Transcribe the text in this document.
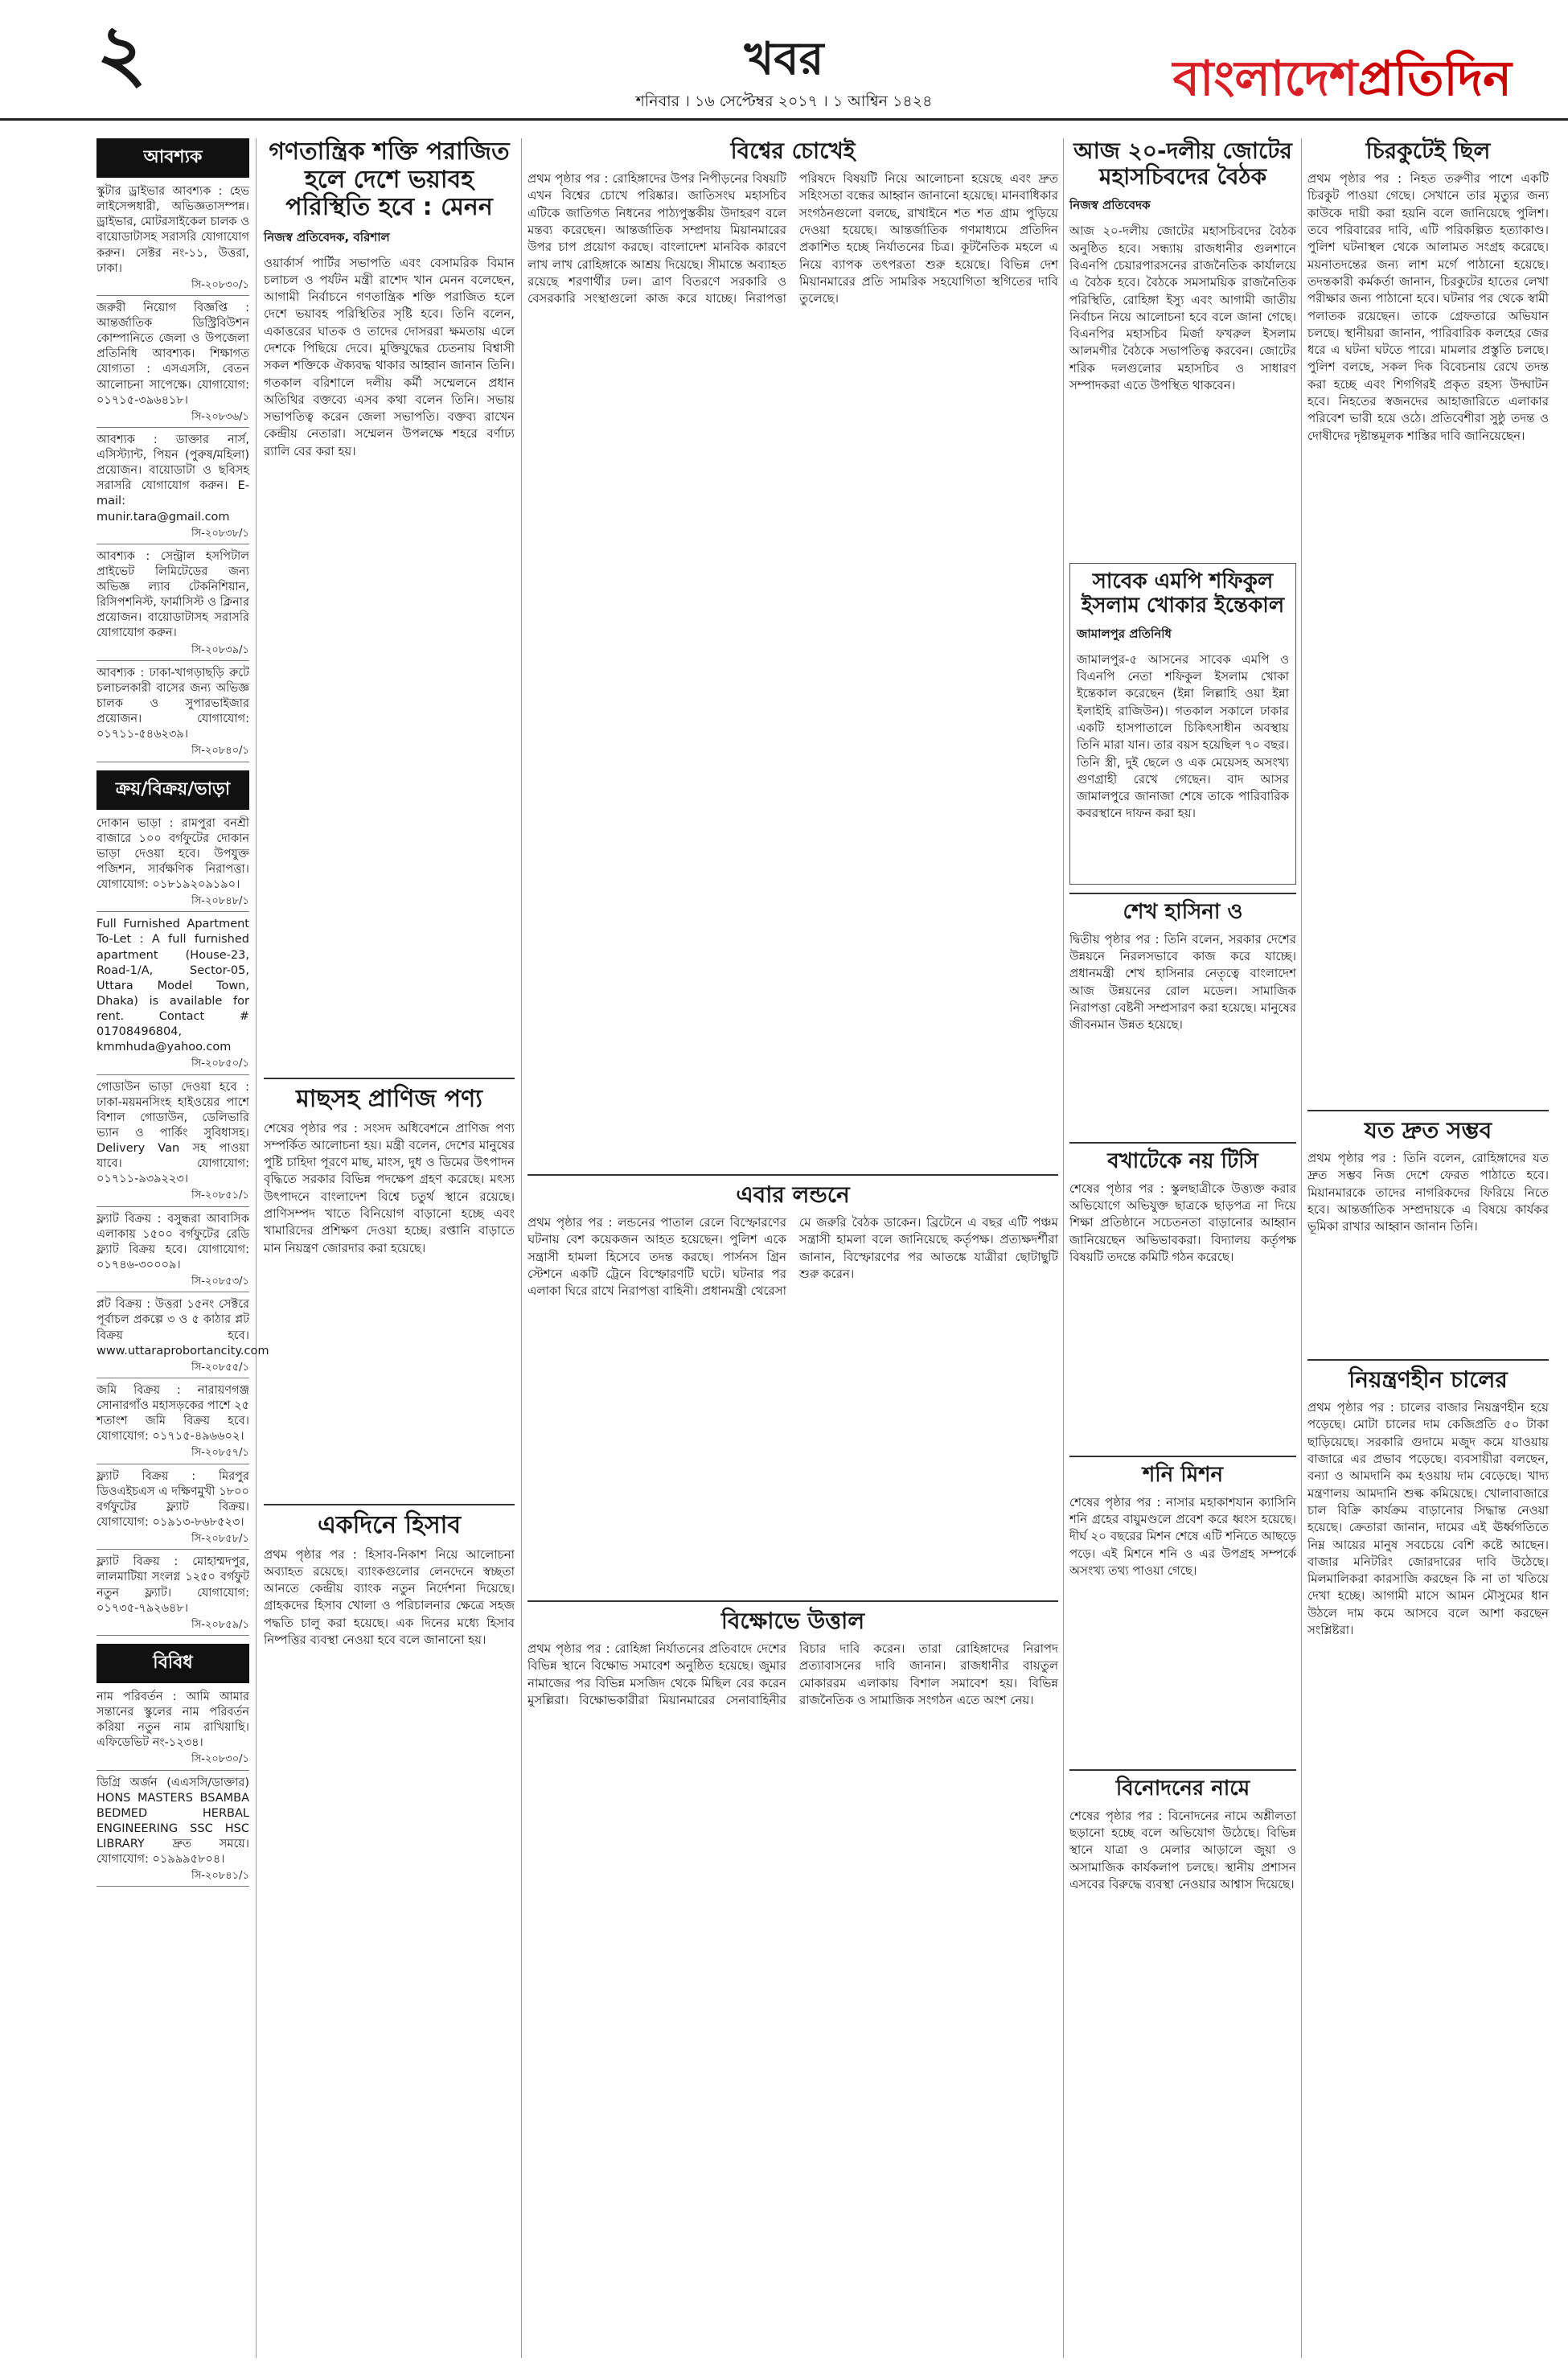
২	খবর
শনিবার । ১৬ সেপ্টেম্বর ২০১৭ । ১ আশ্বিন ১৪২৪	বাংলাদেশপ্রতিদিন
আবশ্যক
স্কুটার ড্রাইভার আবশ্যক : হেভ লাইসেন্সধারী, অভিজ্ঞতাসম্পন্ন। ড্রাইভার, মোটরসাইকেল চালক ও বায়োডাটাসহ সরাসরি যোগাযোগ করুন। সেক্টর নং-১১, উত্তরা, ঢাকা।
সি-২০৮৩০/১
জরুরী নিয়োগ বিজ্ঞপ্তি : আন্তর্জাতিক ডিস্ট্রিবিউশন কোম্পানিতে জেলা ও উপজেলা প্রতিনিধি আবশ্যক। শিক্ষাগত যোগ্যতা : এসএসসি, বেতন আলোচনা সাপেক্ষে। যোগাযোগ: ০১৭১৫-৩৯৬৪১৮।
সি-২০৮৩৬/১
আবশ্যক : ডাক্তার নার্স, এসিস্ট্যান্ট, পিয়ন (পুরুষ/মহিলা) প্রয়োজন। বায়োডাটা ও ছবিসহ সরাসরি যোগাযোগ করুন। E-mail: munir.tara@gmail.com
সি-২০৮৩৮/১
আবশ্যক : সেন্ট্রাল হসপিটাল প্রাইভেট লিমিটেডের জন্য অভিজ্ঞ ল্যাব টেকনিশিয়ান, রিসিপশনিস্ট, ফার্মাসিস্ট ও ক্লিনার প্রয়োজন। বায়োডাটাসহ সরাসরি যোগাযোগ করুন।
সি-২০৮৩৯/১
আবশ্যক : ঢাকা-খাগড়াছড়ি রুটে চলাচলকারী বাসের জন্য অভিজ্ঞ চালক ও সুপারভাইজার প্রয়োজন। যোগাযোগ: ০১৭১১-৫৪৬২৩৯।
সি-২০৮৪০/১
ক্রয়/বিক্রয়/ভাড়া
দোকান ভাড়া : রামপুরা বনশ্রী বাজারে ১০০ বর্গফুটের দোকান ভাড়া দেওয়া হবে। উপযুক্ত পজিশন, সার্বক্ষণিক নিরাপত্তা। যোগাযোগ: ০১৮১৯২০৯১৯০।
সি-২০৮৪৮/১
Full Furnished Apartment To-Let : A full furnished apartment (House-23, Road-1/A, Sector-05, Uttara Model Town, Dhaka) is available for rent. Contact # 01708496804, kmmhuda@yahoo.com
সি-২০৮৫০/১
গোডাউন ভাড়া দেওয়া হবে : ঢাকা-ময়মনসিংহ হাইওয়ের পাশে বিশাল গোডাউন, ডেলিভারি ভ্যান ও পার্কিং সুবিধাসহ। Delivery Van সহ পাওয়া যাবে। যোগাযোগ: ০১৭১১-৯৩৯২২৩।
সি-২০৮৫১/১
ফ্ল্যাট বিক্রয় : বসুন্ধরা আবাসিক এলাকায় ১৫০০ বর্গফুটের রেডি ফ্ল্যাট বিক্রয় হবে। যোগাযোগ: ০১৭৪৬-৩০০০৯।
সি-২০৮৫৩/১
প্লট বিক্রয় : উত্তরা ১৫নং সেক্টরে পূর্বাচল প্রকল্পে ৩ ও ৫ কাঠার প্লট বিক্রয় হবে। www.uttaraprobortancity.com
সি-২০৮৫৫/১
জমি বিক্রয় : নারায়ণগঞ্জ সোনারগাঁও মহাসড়কের পাশে ২৫ শতাংশ জমি বিক্রয় হবে। যোগাযোগ: ০১৭১৫-৪৯৬৬০২।
সি-২০৮৫৭/১
ফ্ল্যাট বিক্রয় : মিরপুর ডিওএইচএস এ দক্ষিণমুখী ১৮০০ বর্গফুটের ফ্ল্যাট বিক্রয়। যোগাযোগ: ০১৯১৩-৮৬৮৫২৩।
সি-২০৮৫৮/১
ফ্ল্যাট বিক্রয় : মোহাম্মদপুর, লালমাটিয়া সংলগ্ন ১২৫০ বর্গফুট নতুন ফ্ল্যাট। যোগাযোগ: ০১৭৩৫-৭৯২৬৪৮।
সি-২০৮৫৯/১
বিবিধ
নাম পরিবর্তন : আমি আমার সন্তানের স্কুলের নাম পরিবর্তন করিয়া নতুন নাম রাখিয়াছি। এফিডেভিট নং-১২৩৪।
সি-২০৮৩০/১
ডিগ্রি অর্জন (এএসসি/ডাক্তার) HONS MASTERS BSAMBA BEDMED HERBAL ENGINEERING SSC HSC LIBRARY দ্রুত সময়ে। যোগাযোগ: ০১৯৯৯৫৮০৪।
সি-২০৮৪১/১
গণতান্ত্রিক শক্তি পরাজিত হলে দেশে ভয়াবহ পরিস্থিতি হবে : মেনন
নিজস্ব প্রতিবেদক, বরিশাল
ওয়ার্কার্স পার্টির সভাপতি এবং বেসামরিক বিমান চলাচল ও পর্যটন মন্ত্রী রাশেদ খান মেনন বলেছেন, আগামী নির্বাচনে গণতান্ত্রিক শক্তি পরাজিত হলে দেশে ভয়াবহ পরিস্থিতির সৃষ্টি হবে। তিনি বলেন, একাত্তরের ঘাতক ও তাদের দোসররা ক্ষমতায় এলে দেশকে পিছিয়ে দেবে। মুক্তিযুদ্ধের চেতনায় বিশ্বাসী সকল শক্তিকে ঐক্যবদ্ধ থাকার আহ্বান জানান তিনি। গতকাল বরিশালে দলীয় কর্মী সম্মেলনে প্রধান অতিথির বক্তব্যে এসব কথা বলেন তিনি। সভায় সভাপতিত্ব করেন জেলা সভাপতি। বক্তব্য রাখেন কেন্দ্রীয় নেতারা। সম্মেলন উপলক্ষে শহরে বর্ণাঢ্য র‍্যালি বের করা হয়।
মাছসহ প্রাণিজ পণ্য
শেষের পৃষ্ঠার পর : সংসদ অধিবেশনে প্রাণিজ পণ্য সম্পর্কিত আলোচনা হয়। মন্ত্রী বলেন, দেশের মানুষের পুষ্টি চাহিদা পূরণে মাছ, মাংস, দুধ ও ডিমের উৎপাদন বৃদ্ধিতে সরকার বিভিন্ন পদক্ষেপ গ্রহণ করেছে। মৎস্য উৎপাদনে বাংলাদেশ বিশ্বে চতুর্থ স্থানে রয়েছে। প্রাণিসম্পদ খাতে বিনিয়োগ বাড়ানো হচ্ছে এবং খামারিদের প্রশিক্ষণ দেওয়া হচ্ছে। রপ্তানি বাড়াতে মান নিয়ন্ত্রণ জোরদার করা হয়েছে।
একদিনে হিসাব
প্রথম পৃষ্ঠার পর : হিসাব-নিকাশ নিয়ে আলোচনা অব্যাহত রয়েছে। ব্যাংকগুলোর লেনদেনে স্বচ্ছতা আনতে কেন্দ্রীয় ব্যাংক নতুন নির্দেশনা দিয়েছে। গ্রাহকদের হিসাব খোলা ও পরিচালনার ক্ষেত্রে সহজ পদ্ধতি চালু করা হয়েছে। এক দিনের মধ্যে হিসাব নিষ্পত্তির ব্যবস্থা নেওয়া হবে বলে জানানো হয়।
বিশ্বের চোখেই
প্রথম পৃষ্ঠার পর : রোহিঙ্গাদের উপর নিপীড়নের বিষয়টি এখন বিশ্বের চোখে পরিষ্কার। জাতিসংঘ মহাসচিব এটিকে জাতিগত নিধনের পাঠ্যপুস্তকীয় উদাহরণ বলে মন্তব্য করেছেন। আন্তর্জাতিক সম্প্রদায় মিয়ানমারের উপর চাপ প্রয়োগ করছে। বাংলাদেশ মানবিক কারণে লাখ লাখ রোহিঙ্গাকে আশ্রয় দিয়েছে। সীমান্তে অব্যাহত রয়েছে শরণার্থীর ঢল। ত্রাণ বিতরণে সরকারি ও বেসরকারি সংস্থাগুলো কাজ করে যাচ্ছে। নিরাপত্তা পরিষদে বিষয়টি নিয়ে আলোচনা হয়েছে এবং দ্রুত সহিংসতা বন্ধের আহ্বান জানানো হয়েছে। মানবাধিকার সংগঠনগুলো বলছে, রাখাইনে শত শত গ্রাম পুড়িয়ে দেওয়া হয়েছে। আন্তর্জাতিক গণমাধ্যমে প্রতিদিন প্রকাশিত হচ্ছে নির্যাতনের চিত্র। কূটনৈতিক মহলে এ নিয়ে ব্যাপক তৎপরতা শুরু হয়েছে। বিভিন্ন দেশ মিয়ানমারের প্রতি সামরিক সহযোগিতা স্থগিতের দাবি তুলেছে।
এবার লন্ডনে
প্রথম পৃষ্ঠার পর : লন্ডনের পাতাল রেলে বিস্ফোরণের ঘটনায় বেশ কয়েকজন আহত হয়েছেন। পুলিশ একে সন্ত্রাসী হামলা হিসেবে তদন্ত করছে। পার্সনস গ্রিন স্টেশনে একটি ট্রেনে বিস্ফোরণটি ঘটে। ঘটনার পর এলাকা ঘিরে রাখে নিরাপত্তা বাহিনী। প্রধানমন্ত্রী থেরেসা মে জরুরি বৈঠক ডাকেন। ব্রিটেনে এ বছর এটি পঞ্চম সন্ত্রাসী হামলা বলে জানিয়েছে কর্তৃপক্ষ। প্রত্যক্ষদর্শীরা জানান, বিস্ফোরণের পর আতঙ্কে যাত্রীরা ছোটাছুটি শুরু করেন।
বিক্ষোভে উত্তাল
প্রথম পৃষ্ঠার পর : রোহিঙ্গা নির্যাতনের প্রতিবাদে দেশের বিভিন্ন স্থানে বিক্ষোভ সমাবেশ অনুষ্ঠিত হয়েছে। জুমার নামাজের পর বিভিন্ন মসজিদ থেকে মিছিল বের করেন মুসল্লিরা। বিক্ষোভকারীরা মিয়ানমারের সেনাবাহিনীর বিচার দাবি করেন। তারা রোহিঙ্গাদের নিরাপদ প্রত্যাবাসনের দাবি জানান। রাজধানীর বায়তুল মোকাররম এলাকায় বিশাল সমাবেশ হয়। বিভিন্ন রাজনৈতিক ও সামাজিক সংগঠন এতে অংশ নেয়।
আজ ২০-দলীয় জোটের মহাসচিবদের বৈঠক
নিজস্ব প্রতিবেদক
আজ ২০-দলীয় জোটের মহাসচিবদের বৈঠক অনুষ্ঠিত হবে। সন্ধ্যায় রাজধানীর গুলশানে বিএনপি চেয়ারপারসনের রাজনৈতিক কার্যালয়ে এ বৈঠক হবে। বৈঠকে সমসাময়িক রাজনৈতিক পরিস্থিতি, রোহিঙ্গা ইস্যু এবং আগামী জাতীয় নির্বাচন নিয়ে আলোচনা হবে বলে জানা গেছে। বিএনপির মহাসচিব মির্জা ফখরুল ইসলাম আলমগীর বৈঠকে সভাপতিত্ব করবেন। জোটের শরিক দলগুলোর মহাসচিব ও সাধারণ সম্পাদকরা এতে উপস্থিত থাকবেন।
সাবেক এমপি শফিকুল ইসলাম খোকার ইন্তেকাল
জামালপুর প্রতিনিধি
জামালপুর-৫ আসনের সাবেক এমপি ও বিএনপি নেতা শফিকুল ইসলাম খোকা ইন্তেকাল করেছেন (ইন্না লিল্লাহি ওয়া ইন্না ইলাইহি রাজিউন)। গতকাল সকালে ঢাকার একটি হাসপাতালে চিকিৎসাধীন অবস্থায় তিনি মারা যান। তার বয়স হয়েছিল ৭০ বছর। তিনি স্ত্রী, দুই ছেলে ও এক মেয়েসহ অসংখ্য গুণগ্রাহী রেখে গেছেন। বাদ আসর জামালপুরে জানাজা শেষে তাকে পারিবারিক কবরস্থানে দাফন করা হয়।
শেখ হাসিনা ও
দ্বিতীয় পৃষ্ঠার পর : তিনি বলেন, সরকার দেশের উন্নয়নে নিরলসভাবে কাজ করে যাচ্ছে। প্রধানমন্ত্রী শেখ হাসিনার নেতৃত্বে বাংলাদেশ আজ উন্নয়নের রোল মডেল। সামাজিক নিরাপত্তা বেষ্টনী সম্প্রসারণ করা হয়েছে। মানুষের জীবনমান উন্নত হয়েছে।
বখাটেকে নয় টিসি
শেষের পৃষ্ঠার পর : স্কুলছাত্রীকে উত্ত্যক্ত করার অভিযোগে অভিযুক্ত ছাত্রকে ছাড়পত্র না দিয়ে শিক্ষা প্রতিষ্ঠানে সচেতনতা বাড়ানোর আহ্বান জানিয়েছেন অভিভাবকরা। বিদ্যালয় কর্তৃপক্ষ বিষয়টি তদন্তে কমিটি গঠন করেছে।
শনি মিশন
শেষের পৃষ্ঠার পর : নাসার মহাকাশযান ক্যাসিনি শনি গ্রহের বায়ুমণ্ডলে প্রবেশ করে ধ্বংস হয়েছে। দীর্ঘ ২০ বছরের মিশন শেষে এটি শনিতে আছড়ে পড়ে। এই মিশনে শনি ও এর উপগ্রহ সম্পর্কে অসংখ্য তথ্য পাওয়া গেছে।
বিনোদনের নামে
শেষের পৃষ্ঠার পর : বিনোদনের নামে অশ্লীলতা ছড়ানো হচ্ছে বলে অভিযোগ উঠেছে। বিভিন্ন স্থানে যাত্রা ও মেলার আড়ালে জুয়া ও অসামাজিক কার্যকলাপ চলছে। স্থানীয় প্রশাসন এসবের বিরুদ্ধে ব্যবস্থা নেওয়ার আশ্বাস দিয়েছে।
চিরকুটেই ছিল
প্রথম পৃষ্ঠার পর : নিহত তরুণীর পাশে একটি চিরকুট পাওয়া গেছে। সেখানে তার মৃত্যুর জন্য কাউকে দায়ী করা হয়নি বলে জানিয়েছে পুলিশ। তবে পরিবারের দাবি, এটি পরিকল্পিত হত্যাকাণ্ড। পুলিশ ঘটনাস্থল থেকে আলামত সংগ্রহ করেছে। ময়নাতদন্তের জন্য লাশ মর্গে পাঠানো হয়েছে। তদন্তকারী কর্মকর্তা জানান, চিরকুটের হাতের লেখা পরীক্ষার জন্য পাঠানো হবে। ঘটনার পর থেকে স্বামী পলাতক রয়েছেন। তাকে গ্রেফতারে অভিযান চলছে। স্থানীয়রা জানান, পারিবারিক কলহের জের ধরে এ ঘটনা ঘটতে পারে। মামলার প্রস্তুতি চলছে। পুলিশ বলছে, সকল দিক বিবেচনায় রেখে তদন্ত করা হচ্ছে এবং শিগগিরই প্রকৃত রহস্য উদ্ঘাটন হবে। নিহতের স্বজনদের আহাজারিতে এলাকার পরিবেশ ভারী হয়ে ওঠে। প্রতিবেশীরা সুষ্ঠু তদন্ত ও দোষীদের দৃষ্টান্তমূলক শাস্তির দাবি জানিয়েছেন।
যত দ্রুত সম্ভব
প্রথম পৃষ্ঠার পর : তিনি বলেন, রোহিঙ্গাদের যত দ্রুত সম্ভব নিজ দেশে ফেরত পাঠাতে হবে। মিয়ানমারকে তাদের নাগরিকদের ফিরিয়ে নিতে হবে। আন্তর্জাতিক সম্প্রদায়কে এ বিষয়ে কার্যকর ভূমিকা রাখার আহ্বান জানান তিনি।
নিয়ন্ত্রণহীন চালের
প্রথম পৃষ্ঠার পর : চালের বাজার নিয়ন্ত্রণহীন হয়ে পড়েছে। মোটা চালের দাম কেজিপ্রতি ৫০ টাকা ছাড়িয়েছে। সরকারি গুদামে মজুদ কমে যাওয়ায় বাজারে এর প্রভাব পড়েছে। ব্যবসায়ীরা বলছেন, বন্যা ও আমদানি কম হওয়ায় দাম বেড়েছে। খাদ্য মন্ত্রণালয় আমদানি শুল্ক কমিয়েছে। খোলাবাজারে চাল বিক্রি কার্যক্রম বাড়ানোর সিদ্ধান্ত নেওয়া হয়েছে। ক্রেতারা জানান, দামের এই ঊর্ধ্বগতিতে নিম্ন আয়ের মানুষ সবচেয়ে বেশি কষ্টে আছেন। বাজার মনিটরিং জোরদারের দাবি উঠেছে। মিলমালিকরা কারসাজি করছেন কি না তা খতিয়ে দেখা হচ্ছে। আগামী মাসে আমন মৌসুমের ধান উঠলে দাম কমে আসবে বলে আশা করছেন সংশ্লিষ্টরা।
